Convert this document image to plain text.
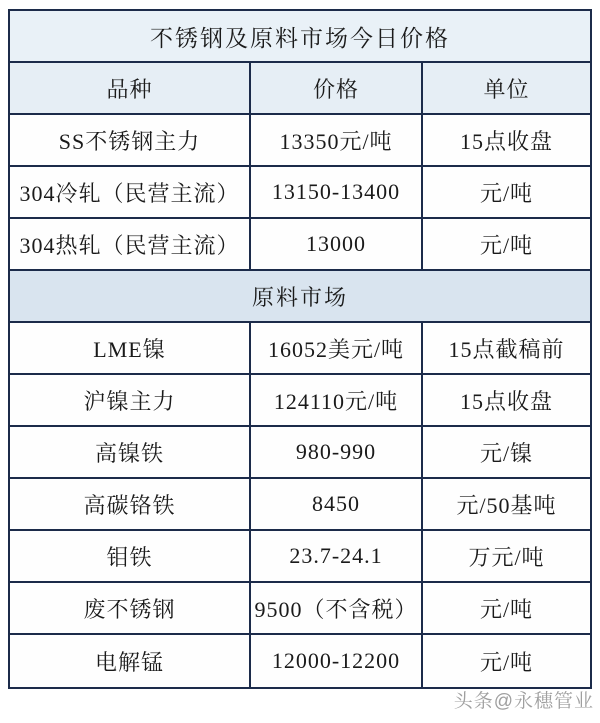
不锈钢及原料市场今日价格
品种	价格	单位
SS不锈钢主力	13350元/吨	15点收盘
304冷轧（民营主流）	13150-13400	元/吨
304热轧（民营主流）	13000	元/吨
原料市场
LME镍	16052美元/吨	15点截稿前
沪镍主力	124110元/吨	15点收盘
高镍铁	980-990	元/镍
高碳铬铁	8450	元/50基吨
钼铁	23.7-24.1	万元/吨
废不锈钢	9500（不含税）	元/吨
电解锰	12000-12200	元/吨
头条@永穗管业
